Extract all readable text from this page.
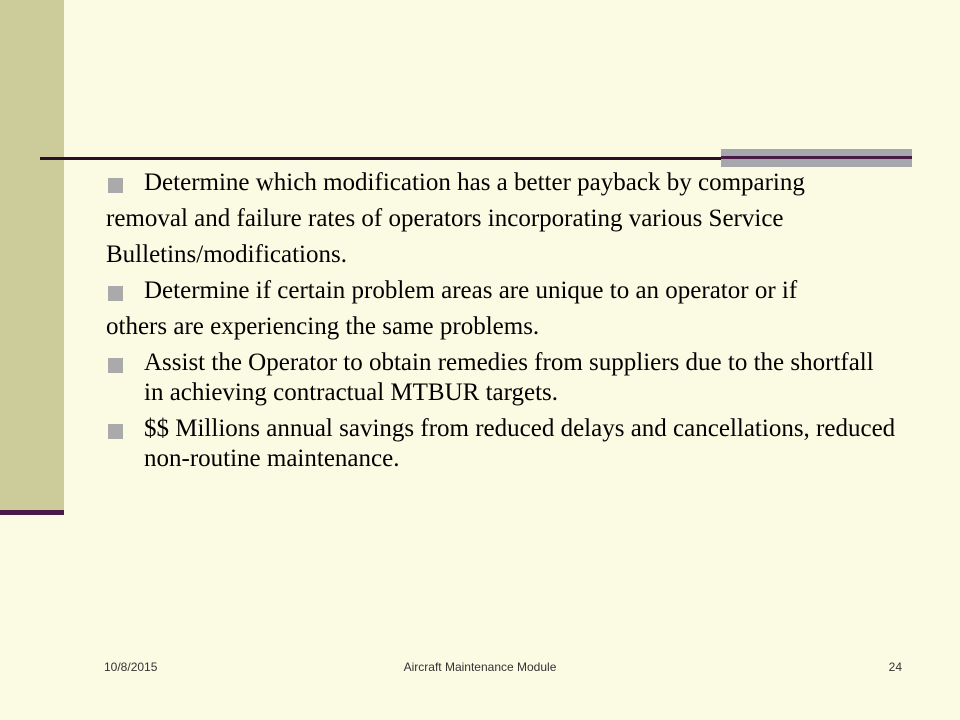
Determine which modification has a better payback by comparing
removal and failure rates of operators incorporating various Service
Bulletins/modifications.
Determine if certain problem areas are unique to an operator or if
others are experiencing the same problems.
Assist the Operator to obtain remedies from suppliers due to the shortfall in achieving contractual MTBUR targets.
$$ Millions annual savings from reduced delays and cancellations, reduced non-routine maintenance.
10/8/2015	Aircraft Maintenance Module	24
